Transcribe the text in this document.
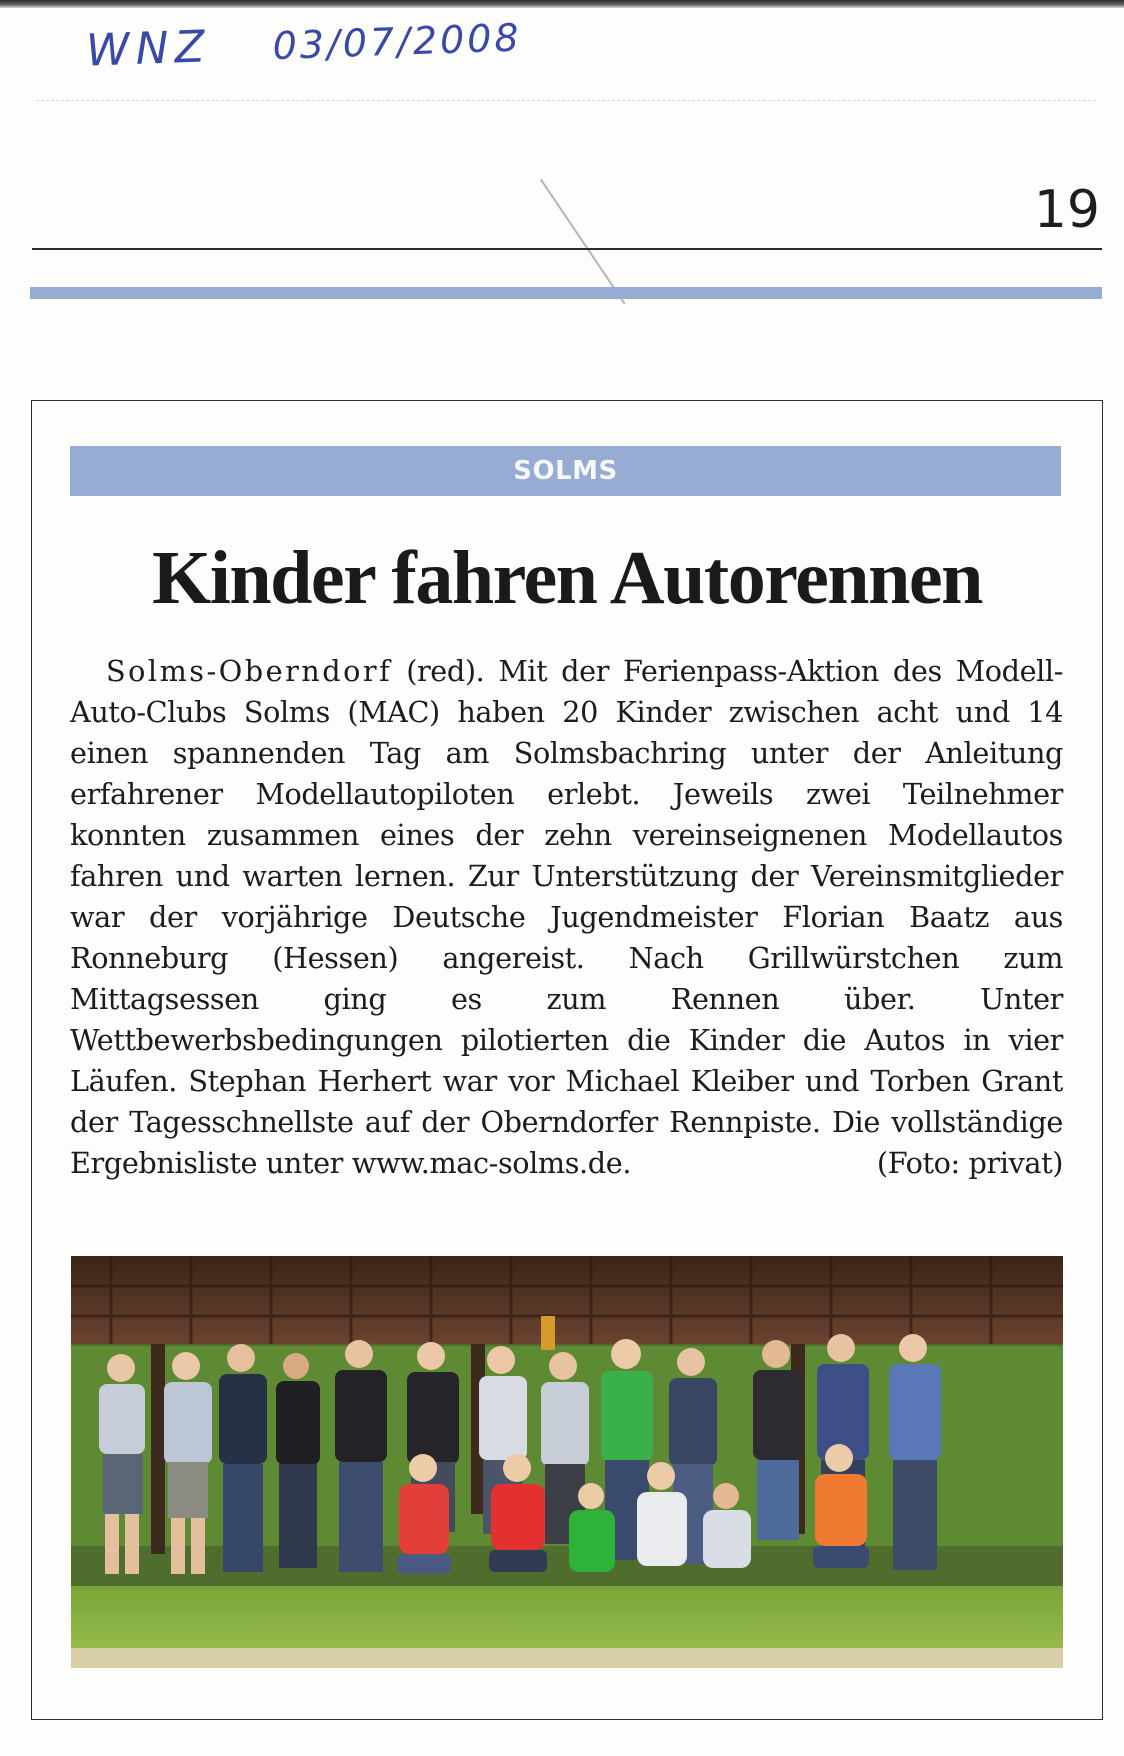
WNZ 03/07/2008
19
SOLMS
Kinder fahren Autorennen

Solms-Oberndorf (red). Mit der Ferienpass-Aktion des Modell-Auto-Clubs Solms (MAC) haben 20 Kinder zwischen acht und 14 einen spannenden Tag am Solmsbachring unter der Anleitung erfahrener Modellautopiloten erlebt. Jeweils zwei Teilnehmer konnten zusammen eines der zehn vereinseignenen Modellautos fahren und warten lernen. Zur Unterstützung der Vereinsmitglieder war der vorjährige Deutsche Jugendmeister Florian Baatz aus Ronneburg (Hessen) angereist. Nach Grillwürstchen zum Mittagsessen ging es zum Rennen über. Unter Wettbewerbsbedingungen pilotierten die Kinder die Autos in vier Läufen. Stephan Herhert war vor Michael Kleiber und Torben Grant der Tagesschnellste auf der Oberndorfer Rennpiste. Die vollständige Ergebnisliste unter www.mac-solms.de.	(Foto: privat)
